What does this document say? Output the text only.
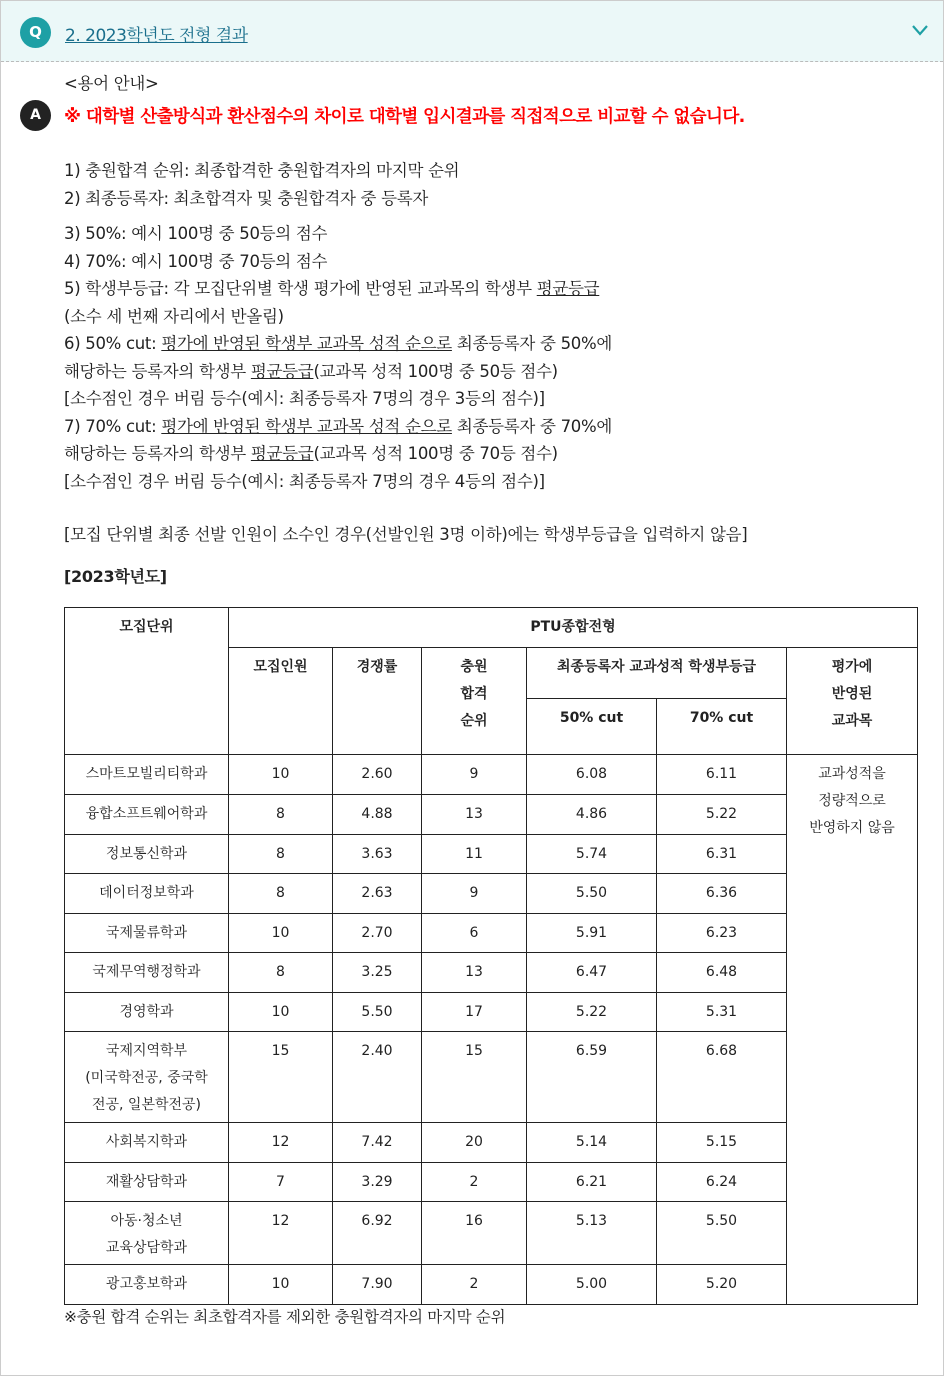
Q	2. 2023학년도 전형 결과
A
<용어 안내>
※ 대학별 산출방식과 환산점수의 차이로 대학별 입시결과를 직접적으로 비교할 수 없습니다.
1) 충원합격 순위: 최종합격한 충원합격자의 마지막 순위
2) 최종등록자: 최초합격자 및 충원합격자 중 등록자
3) 50%: 예시 100명 중 50등의 점수
4) 70%: 예시 100명 중 70등의 점수
5) 학생부등급: 각 모집단위별 학생 평가에 반영된 교과목의 학생부 평균등급
(소수 세 번째 자리에서 반올림)
6) 50% cut: 평가에 반영된 학생부 교과목 성적 순으로 최종등록자 중 50%에
해당하는 등록자의 학생부 평균등급(교과목 성적 100명 중 50등 점수)
[소수점인 경우 버림 등수(예시: 최종등록자 7명의 경우 3등의 점수)]
7) 70% cut: 평가에 반영된 학생부 교과목 성적 순으로 최종등록자 중 70%에
해당하는 등록자의 학생부 평균등급(교과목 성적 100명 중 70등 점수)
[소수점인 경우 버림 등수(예시: 최종등록자 7명의 경우 4등의 점수)]
[모집 단위별 최종 선발 인원이 소수인 경우(선발인원 3명 이하)에는 학생부등급을 입력하지 않음]
[2023학년도]
모집단위	PTU종합전형					
	모집인원	경쟁률	충원
합격
순위	최종등록자 교과성적 학생부등급		평가에
반영된
교과목
				50% cut	70% cut	
스마트모빌리티학과	10	2.60	9	6.08	6.11	교과성적을
정량적으로
반영하지 않음
융합소프트웨어학과	8	4.88	13	4.86	5.22	
정보통신학과	8	3.63	11	5.74	6.31	
데이터정보학과	8	2.63	9	5.50	6.36	
국제물류학과	10	2.70	6	5.91	6.23	
국제무역행정학과	8	3.25	13	6.47	6.48	
경영학과	10	5.50	17	5.22	5.31	
국제지역학부
(미국학전공, 중국학
전공, 일본학전공)	15	2.40	15	6.59	6.68	
사회복지학과	12	7.42	20	5.14	5.15	
재활상담학과	7	3.29	2	6.21	6.24	
아동·청소년
교육상담학과	12	6.92	16	5.13	5.50	
광고홍보학과	10	7.90	2	5.00	5.20	
※충원 합격 순위는 최초합격자를 제외한 충원합격자의 마지막 순위
